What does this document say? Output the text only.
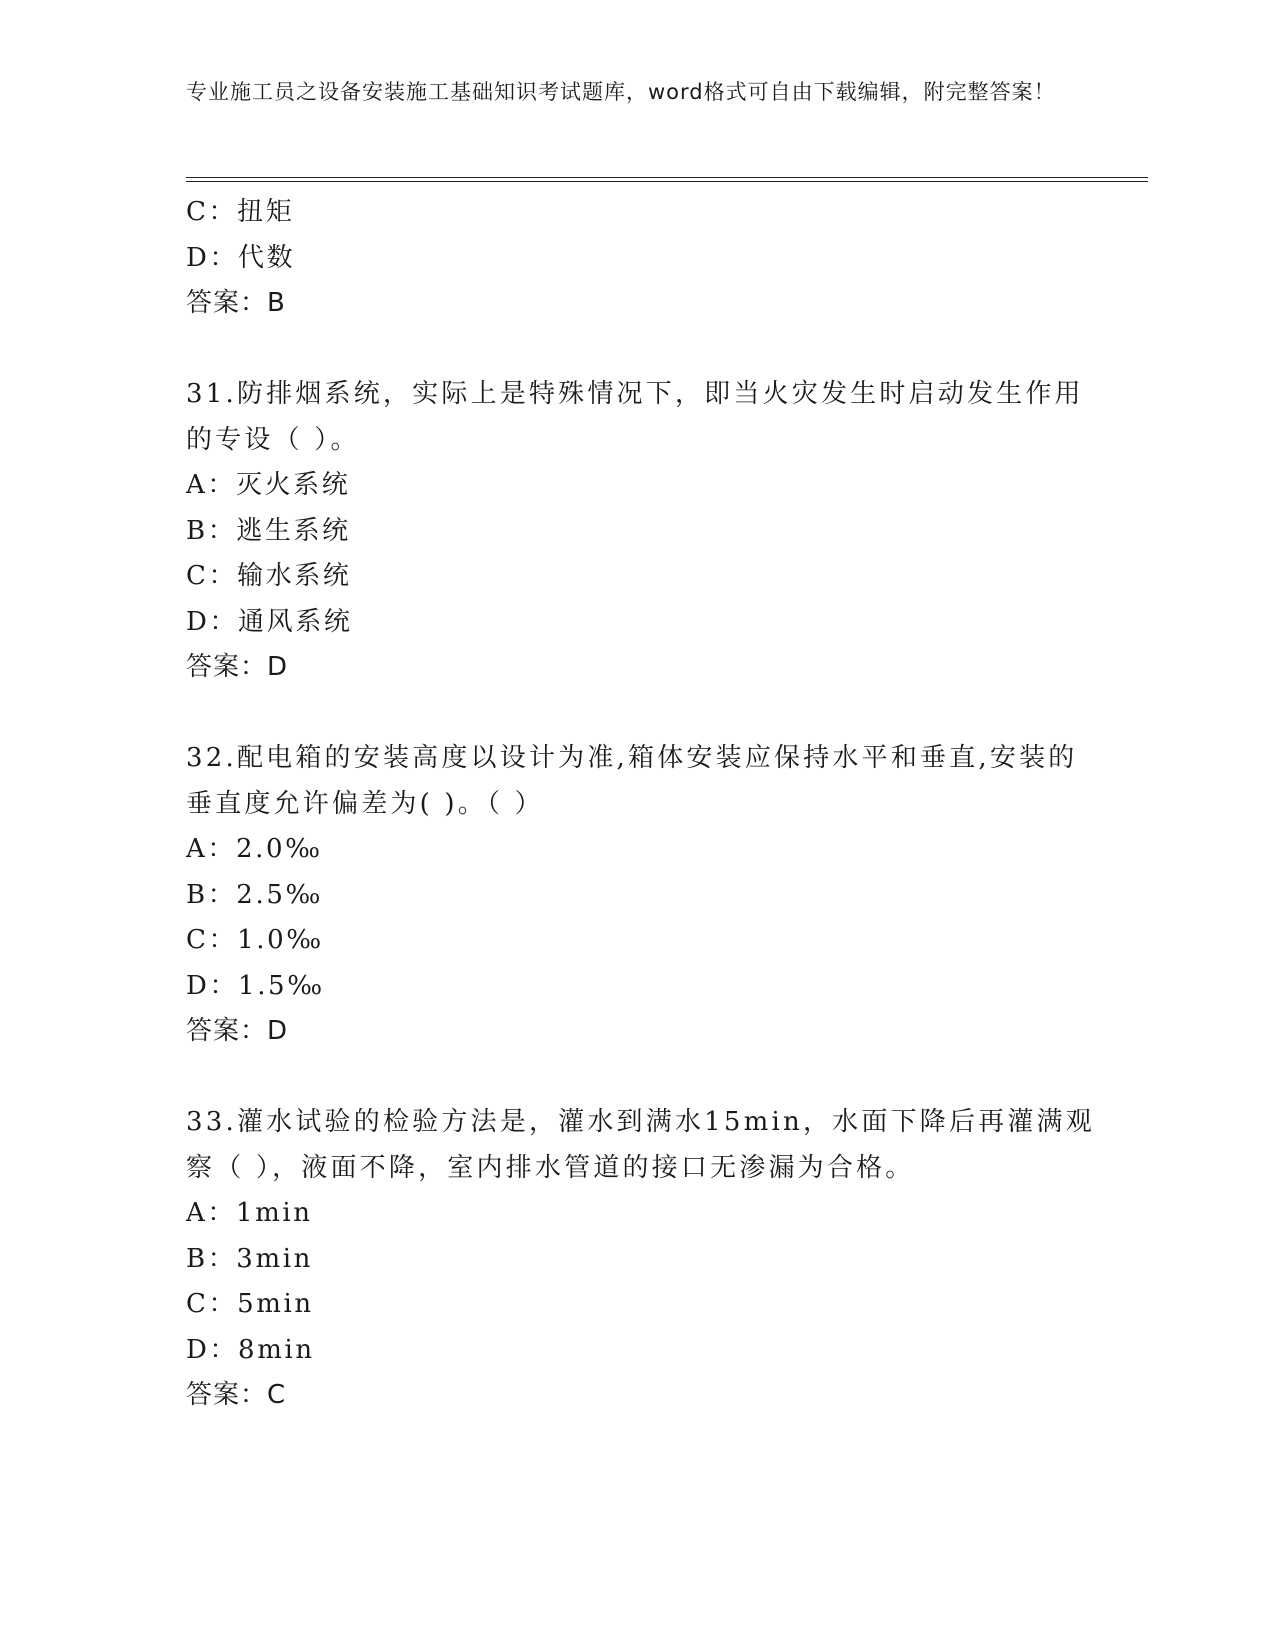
专业施工员之设备安装施工基础知识考试题库，word格式可自由下载编辑，附完整答案！
C：扭矩
D：代数
答案：B
31.防排烟系统，实际上是特殊情况下，即当火灾发生时启动发生作用
的专设（ ）。
A：灭火系统
B：逃生系统
C：输水系统
D：通风系统
答案：D
32.配电箱的安装高度以设计为准,箱体安装应保持水平和垂直,安装的
垂直度允许偏差为( )。（ ）
A：2.0‰
B：2.5‰
C：1.0‰
D：1.5‰
答案：D
33.灌水试验的检验方法是，灌水到满水15min，水面下降后再灌满观
察（ ），液面不降，室内排水管道的接口无渗漏为合格。
A：1min
B：3min
C：5min
D：8min
答案：C
